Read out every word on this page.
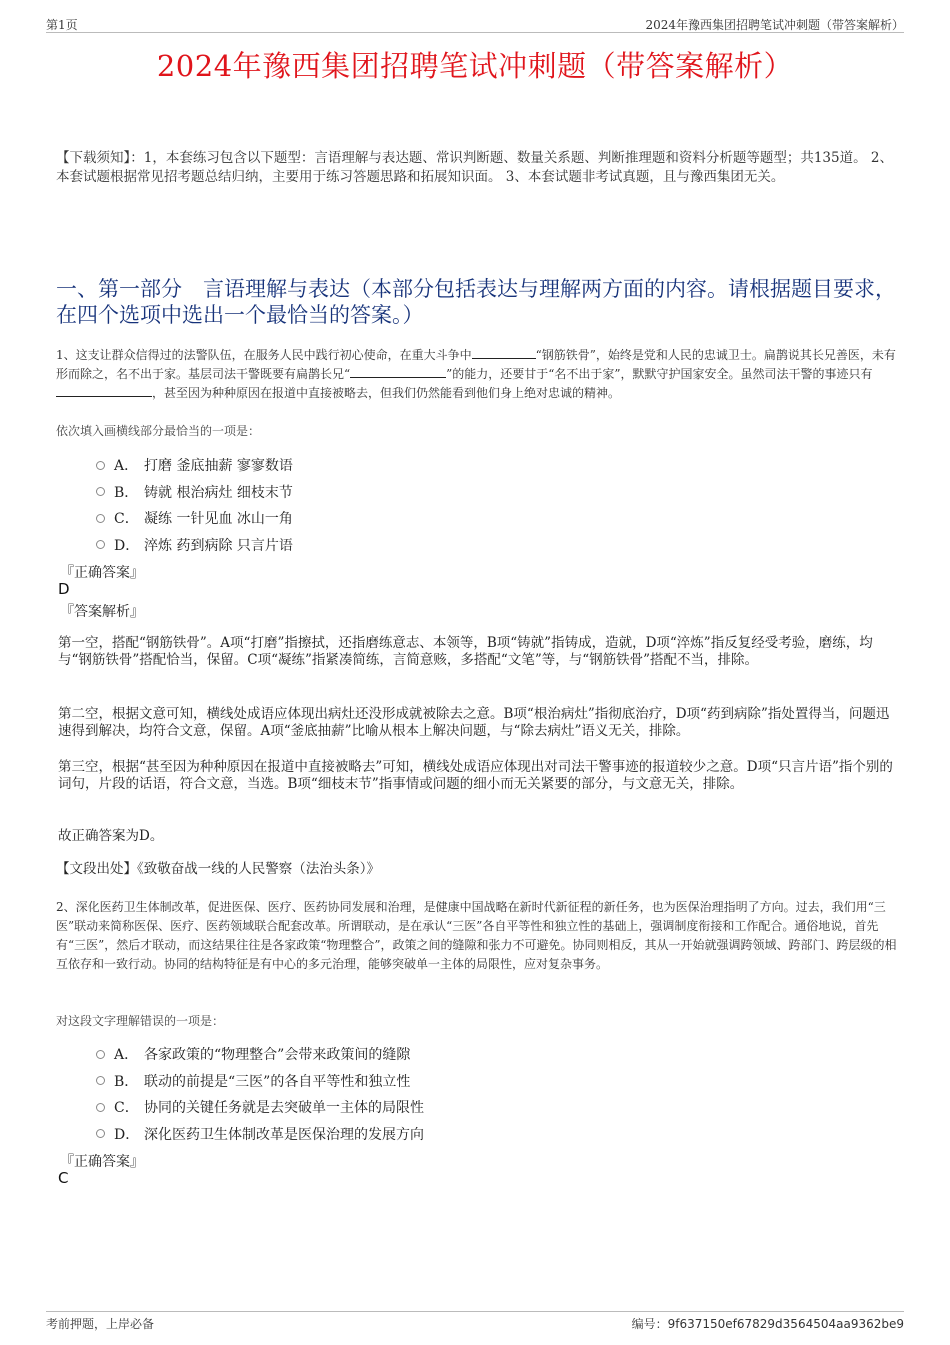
第1页	2024年豫西集团招聘笔试冲刺题（带答案解析）
2024年豫西集团招聘笔试冲刺题（带答案解析）
【下载须知】：1，本套练习包含以下题型：言语理解与表达题、常识判断题、数量关系题、判断推理题和资料分析题等题型；共135道。 2、本套试题根据常见招考题总结归纳，主要用于练习答题思路和拓展知识面。 3、本套试题非考试真题，且与豫西集团无关。
一、第一部分　言语理解与表达（本部分包括表达与理解两方面的内容。请根据题目要求，在四个选项中选出一个最恰当的答案。）
1、这支让群众信得过的法警队伍，在服务人民中践行初心使命，在重大斗争中	“钢筋铁骨”，始终是党和人民的忠诚卫士。扁鹊说其长兄善医，未有形而除之，名不出于家。基层司法干警既要有扁鹊长兄“	”的能力，还要甘于“名不出于家”，默默守护国家安全。虽然司法干警的事迹只有，甚至因为种种原因在报道中直接被略去，但我们仍然能看到他们身上绝对忠诚的精神。
依次填入画横线部分最恰当的一项是：
A． 打磨 釜底抽薪 寥寥数语
B． 铸就 根治病灶 细枝末节
C． 凝练 一针见血 冰山一角
D． 淬炼 药到病除 只言片语
『正确答案』
D
『答案解析』
第一空，搭配“钢筋铁骨”。A项“打磨”指擦拭，还指磨练意志、本领等，B项“铸就”指铸成，造就，D项“淬炼”指反复经受考验，磨练，均与“钢筋铁骨”搭配恰当，保留。C项“凝练”指紧凑简练，言简意赅，多搭配“文笔”等，与“钢筋铁骨”搭配不当，排除。
第二空，根据文意可知，横线处成语应体现出病灶还没形成就被除去之意。B项“根治病灶”指彻底治疗，D项“药到病除”指处置得当，问题迅速得到解决，均符合文意，保留。A项“釜底抽薪”比喻从根本上解决问题，与“除去病灶”语义无关，排除。
第三空，根据“甚至因为种种原因在报道中直接被略去”可知，横线处成语应体现出对司法干警事迹的报道较少之意。D项“只言片语”指个别的词句，片段的话语，符合文意，当选。B项“细枝末节”指事情或问题的细小而无关紧要的部分，与文意无关，排除。
故正确答案为D。
【文段出处】《致敬奋战一线的人民警察（法治头条）》
2、深化医药卫生体制改革，促进医保、医疗、医药协同发展和治理，是健康中国战略在新时代新征程的新任务，也为医保治理指明了方向。过去，我们用“三医”联动来简称医保、医疗、医药领域联合配套改革。所谓联动，是在承认“三医”各自平等性和独立性的基础上，强调制度衔接和工作配合。通俗地说，首先有“三医”，然后才联动，而这结果往往是各家政策“物理整合”，政策之间的缝隙和张力不可避免。协同则相反，其从一开始就强调跨领域、跨部门、跨层级的相互依存和一致行动。协同的结构特征是有中心的多元治理，能够突破单一主体的局限性，应对复杂事务。
对这段文字理解错误的一项是：
A． 各家政策的“物理整合”会带来政策间的缝隙
B． 联动的前提是“三医”的各自平等性和独立性
C． 协同的关键任务就是去突破单一主体的局限性
D． 深化医药卫生体制改革是医保治理的发展方向
『正确答案』
C
考前押题，上岸必备	编号：9f637150ef67829d3564504aa9362be9
